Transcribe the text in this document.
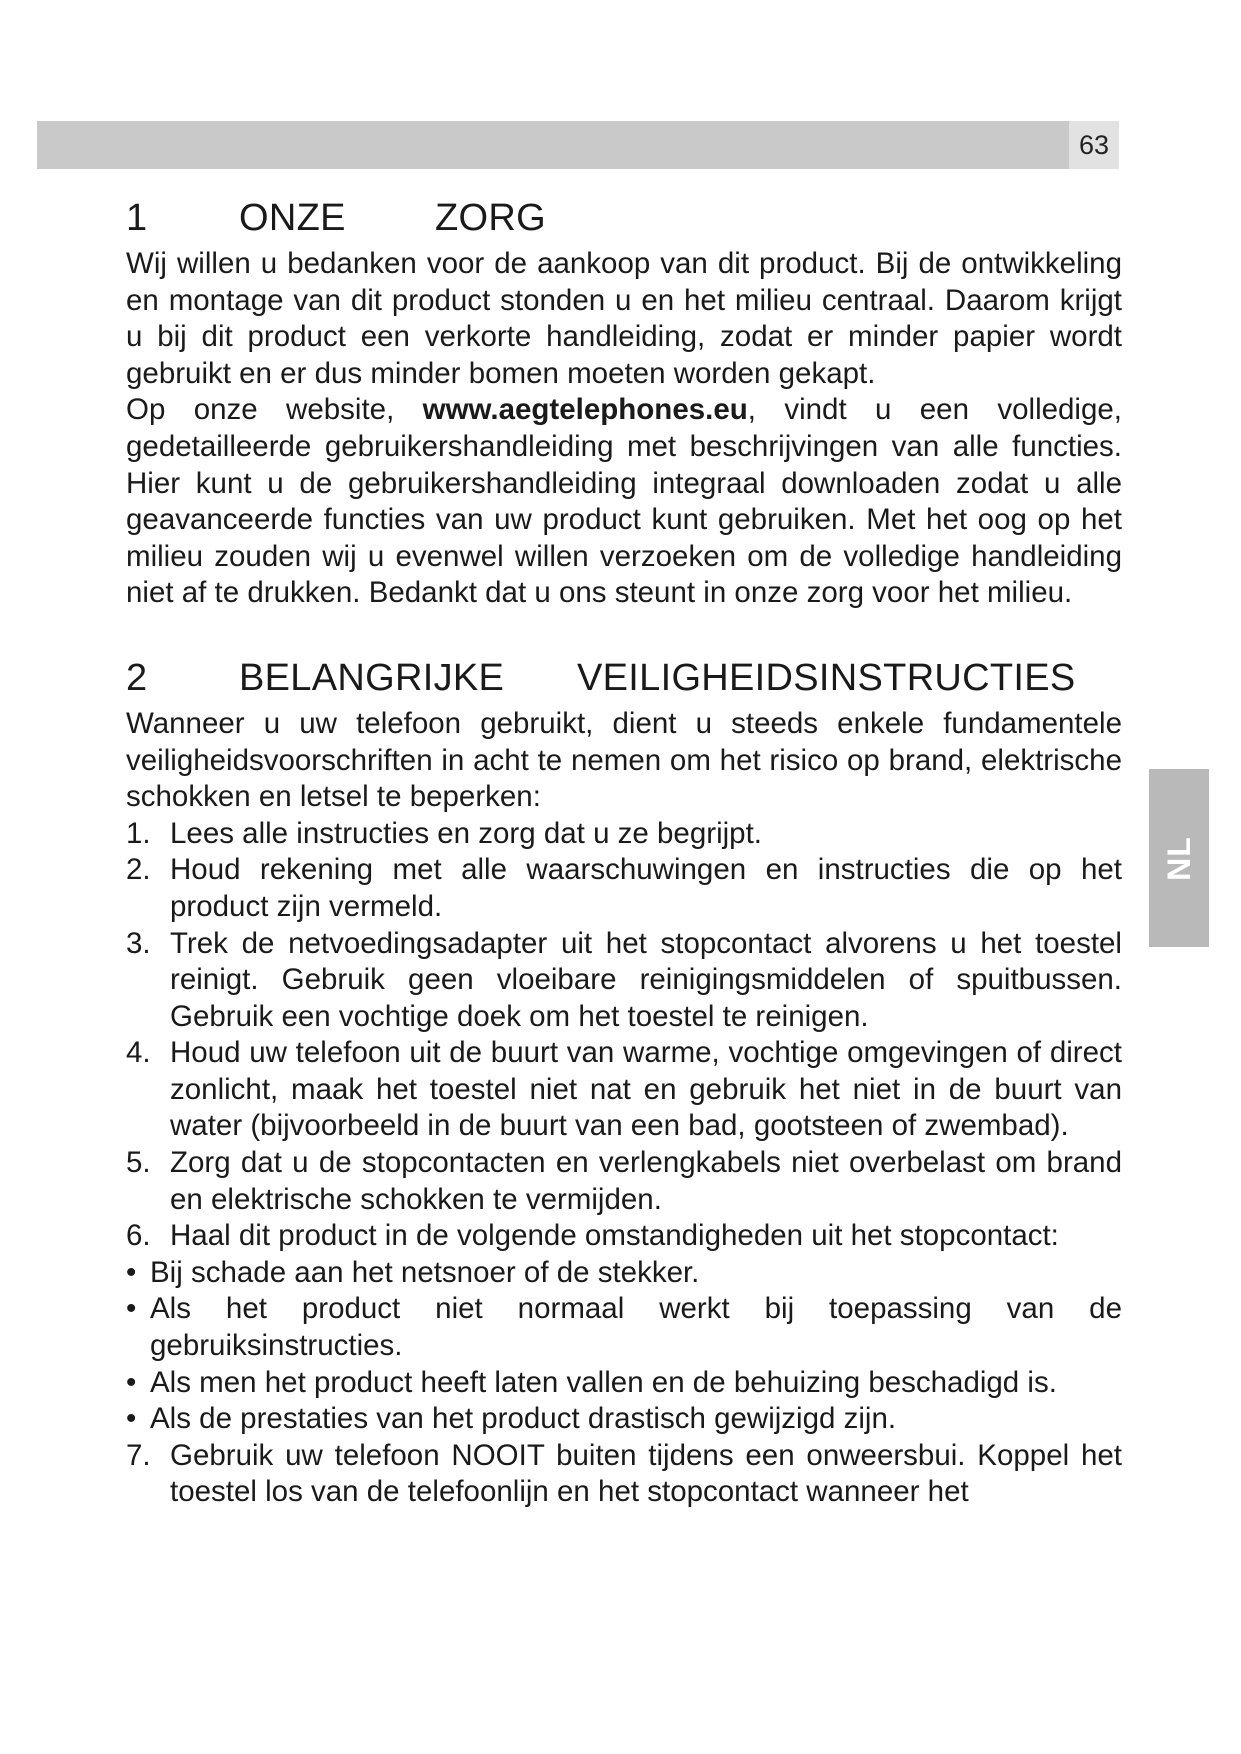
63
NL
1	ONZE	ZORG

Wij willen u bedanken voor de aankoop van dit product. Bij de ontwikkeling en montage van dit product stonden u en het milieu centraal. Daarom krijgt u bij dit product een verkorte handleiding, zodat er minder papier wordt gebruikt en er dus minder bomen moeten worden gekapt.

Op onze website, www.aegtelephones.eu, vindt u een volledige, gedetailleerde gebruikershandleiding met beschrijvingen van alle functies. Hier kunt u de gebruikershandleiding integraal downloaden zodat u alle geavanceerde functies van uw product kunt gebruiken. Met het oog op het milieu zouden wij u evenwel willen verzoeken om de volledige handleiding niet af te drukken. Bedankt dat u ons steunt in onze zorg voor het milieu.

2	BELANGRIJKE	VEILIGHEIDSINSTRUCTIES

Wanneer u uw telefoon gebruikt, dient u steeds enkele fundamentele veiligheidsvoorschriften in acht te nemen om het risico op brand, elektrische schokken en letsel te beperken:

1. Lees alle instructies en zorg dat u ze begrijpt.
2. Houd rekening met alle waarschuwingen en instructies die op het product zijn vermeld.
3. Trek de netvoedingsadapter uit het stopcontact alvorens u het toestel reinigt. Gebruik geen vloeibare reinigingsmiddelen of spuitbussen. Gebruik een vochtige doek om het toestel te reinigen.
4. Houd uw telefoon uit de buurt van warme, vochtige omgevingen of direct zonlicht, maak het toestel niet nat en gebruik het niet in de buurt van water (bijvoorbeeld in de buurt van een bad, gootsteen of zwembad).
5. Zorg dat u de stopcontacten en verlengkabels niet overbelast om brand en elektrische schokken te vermijden.
6. Haal dit product in de volgende omstandigheden uit het stopcontact:
• Bij schade aan het netsnoer of de stekker.
• Als het product niet normaal werkt bij toepassing van de gebruiksinstructies.
• Als men het product heeft laten vallen en de behuizing beschadigd is.
• Als de prestaties van het product drastisch gewijzigd zijn.
7. Gebruik uw telefoon NOOIT buiten tijdens een onweersbui. Koppel het toestel los van de telefoonlijn en het stopcontact wanneer het
